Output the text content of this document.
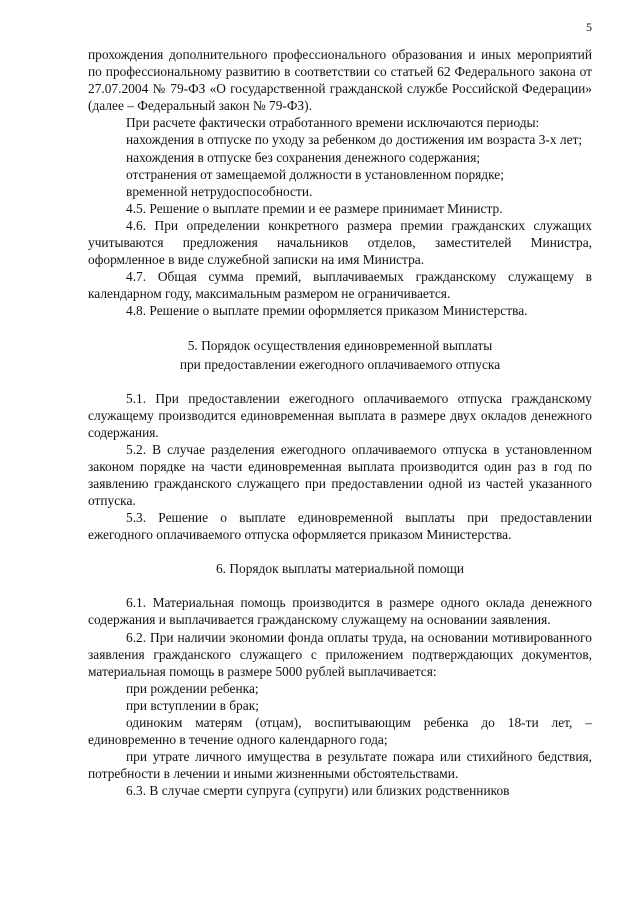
5

прохождения дополнительного профессионального образования и иных мероприятий по профессиональному развитию в соответствии со статьей 62 Федерального закона от 27.07.2004 № 79-ФЗ «О государственной гражданской службе Российской Федерации» (далее – Федеральный закон № 79-ФЗ).

При расчете фактически отработанного времени исключаются периоды:

нахождения в отпуске по уходу за ребенком до достижения им возраста 3-х лет;

нахождения в отпуске без сохранения денежного содержания;

отстранения от замещаемой должности в установленном порядке;

временной нетрудоспособности.

4.5. Решение о выплате премии и ее размере принимает Министр.

4.6. При определении конкретного размера премии гражданских служащих учитываются предложения начальников отделов, заместителей Министра, оформленное в виде служебной записки на имя Министра.

4.7. Общая сумма премий, выплачиваемых гражданскому служащему в календарном году, максимальным размером не ограничивается.

4.8. Решение о выплате премии оформляется приказом Министерства.

5. Порядок осуществления единовременной выплаты

при предоставлении ежегодного оплачиваемого отпуска

5.1. При предоставлении ежегодного оплачиваемого отпуска гражданскому служащему производится единовременная выплата в размере двух окладов денежного содержания.

5.2. В случае разделения ежегодного оплачиваемого отпуска в установленном законом порядке на части единовременная выплата производится один раз в год по заявлению гражданского служащего при предоставлении одной из частей указанного отпуска.

5.3. Решение о выплате единовременной выплаты при предоставлении ежегодного оплачиваемого отпуска оформляется приказом Министерства.

6. Порядок выплаты материальной помощи

6.1. Материальная помощь производится в размере одного оклада денежного содержания и выплачивается гражданскому служащему на основании заявления.

6.2. При наличии экономии фонда оплаты труда, на основании мотивированного заявления гражданского служащего с приложением подтверждающих документов, материальная помощь в размере 5000 рублей выплачивается:

при рождении ребенка;

при вступлении в брак;

одиноким матерям (отцам), воспитывающим ребенка до 18-ти лет, – единовременно в течение одного календарного года;

при утрате личного имущества в результате пожара или стихийного бедствия, потребности в лечении и иными жизненными обстоятельствами.

6.3. В случае смерти супруга (супруги) или близких родственников
